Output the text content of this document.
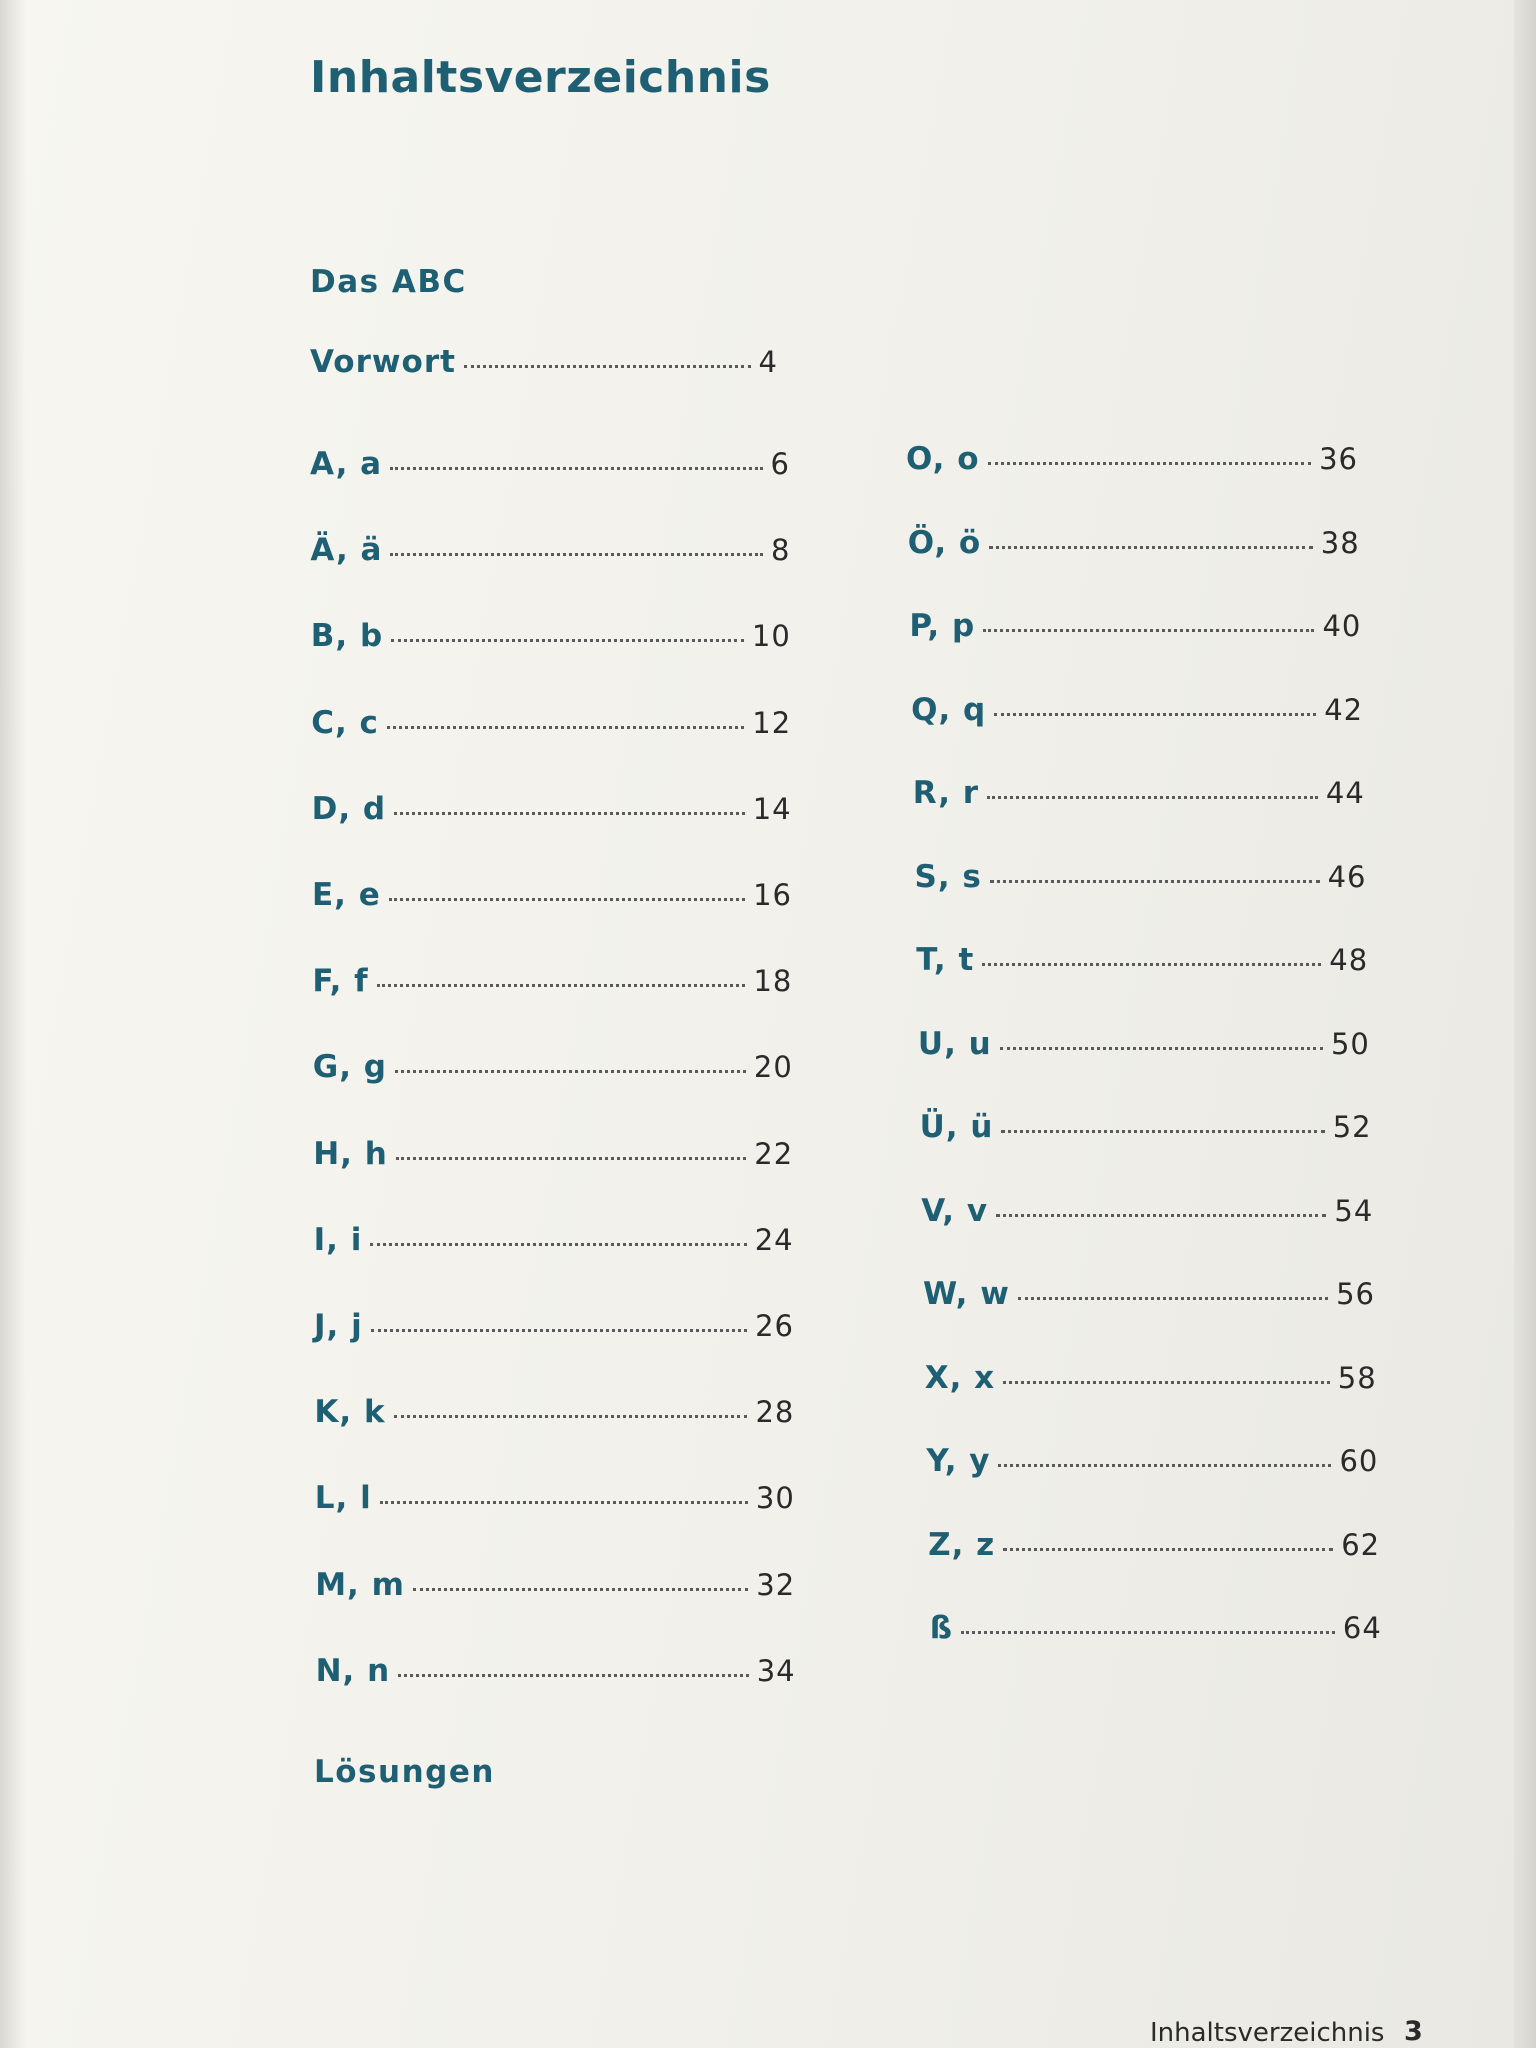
Inhaltsverzeichnis
Das ABC
Vorwort	4
A, a	6
Ä, ä	8
B, b	10
C, c	12
D, d	14
E, e	16
F, f	18
G, g	20
H, h	22
I, i	24
J, j	26
K, k	28
L, l	30
M, m	32
N, n	34
O, o	36
Ö, ö	38
P, p	40
Q, q	42
R, r	44
S, s	46
T, t	48
U, u	50
Ü, ü	52
V, v	54
W, w	56
X, x	58
Y, y	60
Z, z	62
ß	64
Lösungen
Inhaltsverzeichnis 3
